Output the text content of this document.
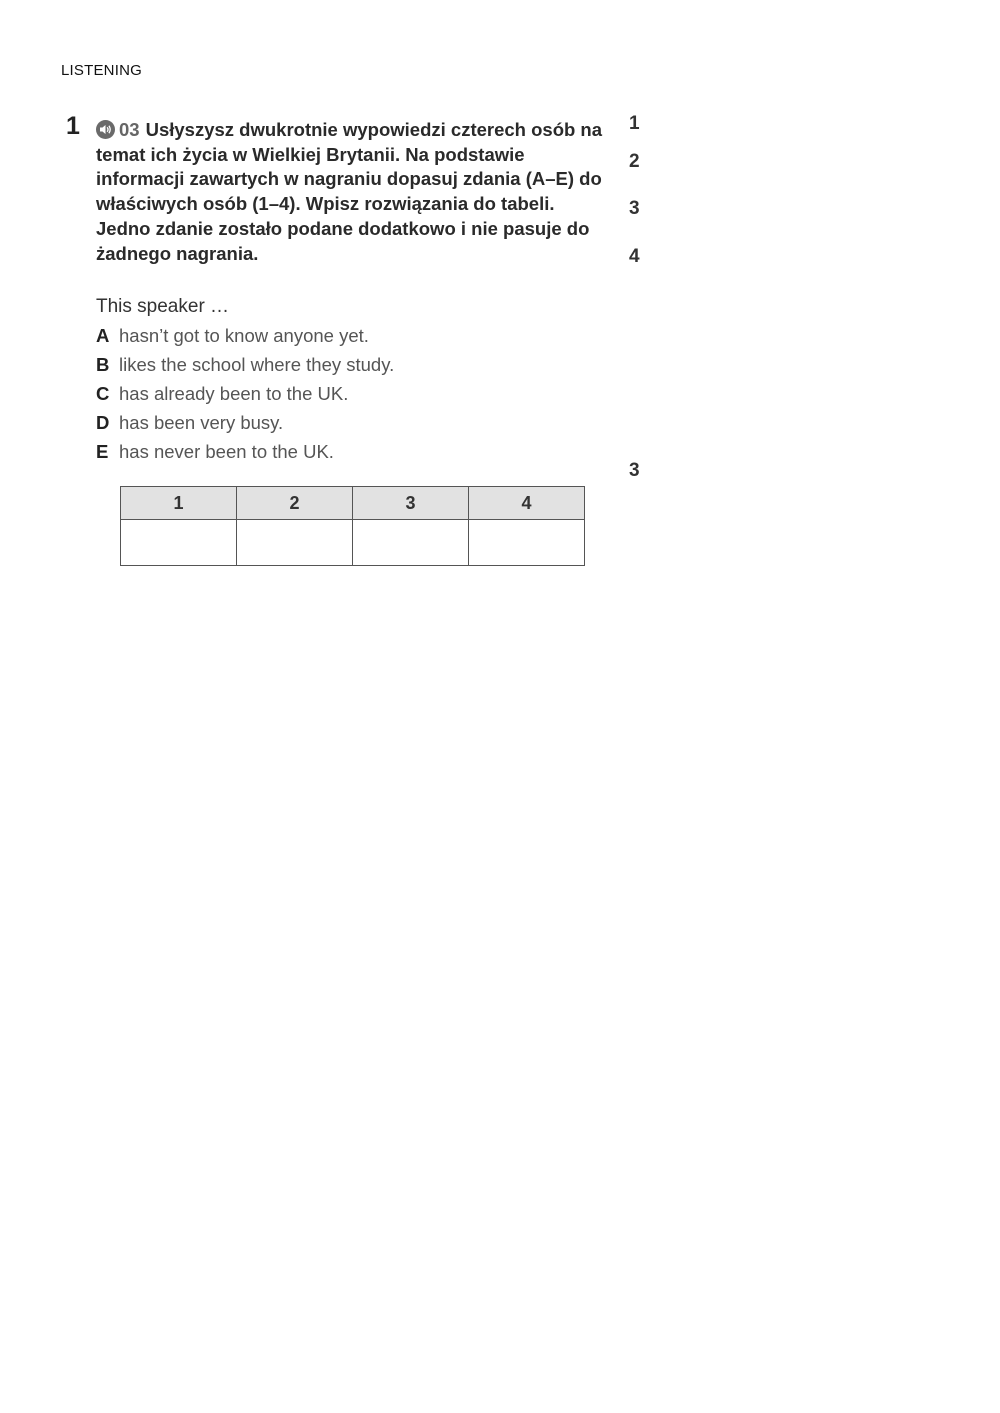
LISTENING
1	03 Usłyszysz dwukrotnie wypowiedzi czterech osób na temat ich życia w Wielkiej Brytanii. Na podstawie informacji zawartych w nagraniu dopasuj zdania (A–E) do właściwych osób (1–4). Wpisz rozwiązania do tabeli.
Jedno zdanie zostało podane dodatkowo i nie pasuje do żadnego nagrania.
This speaker …
A hasn’t got to know anyone yet.
B likes the school where they study.
C has already been to the UK.
D has been very busy.
E has never been to the UK.
1	2	3	4

1
2
3
4
3
